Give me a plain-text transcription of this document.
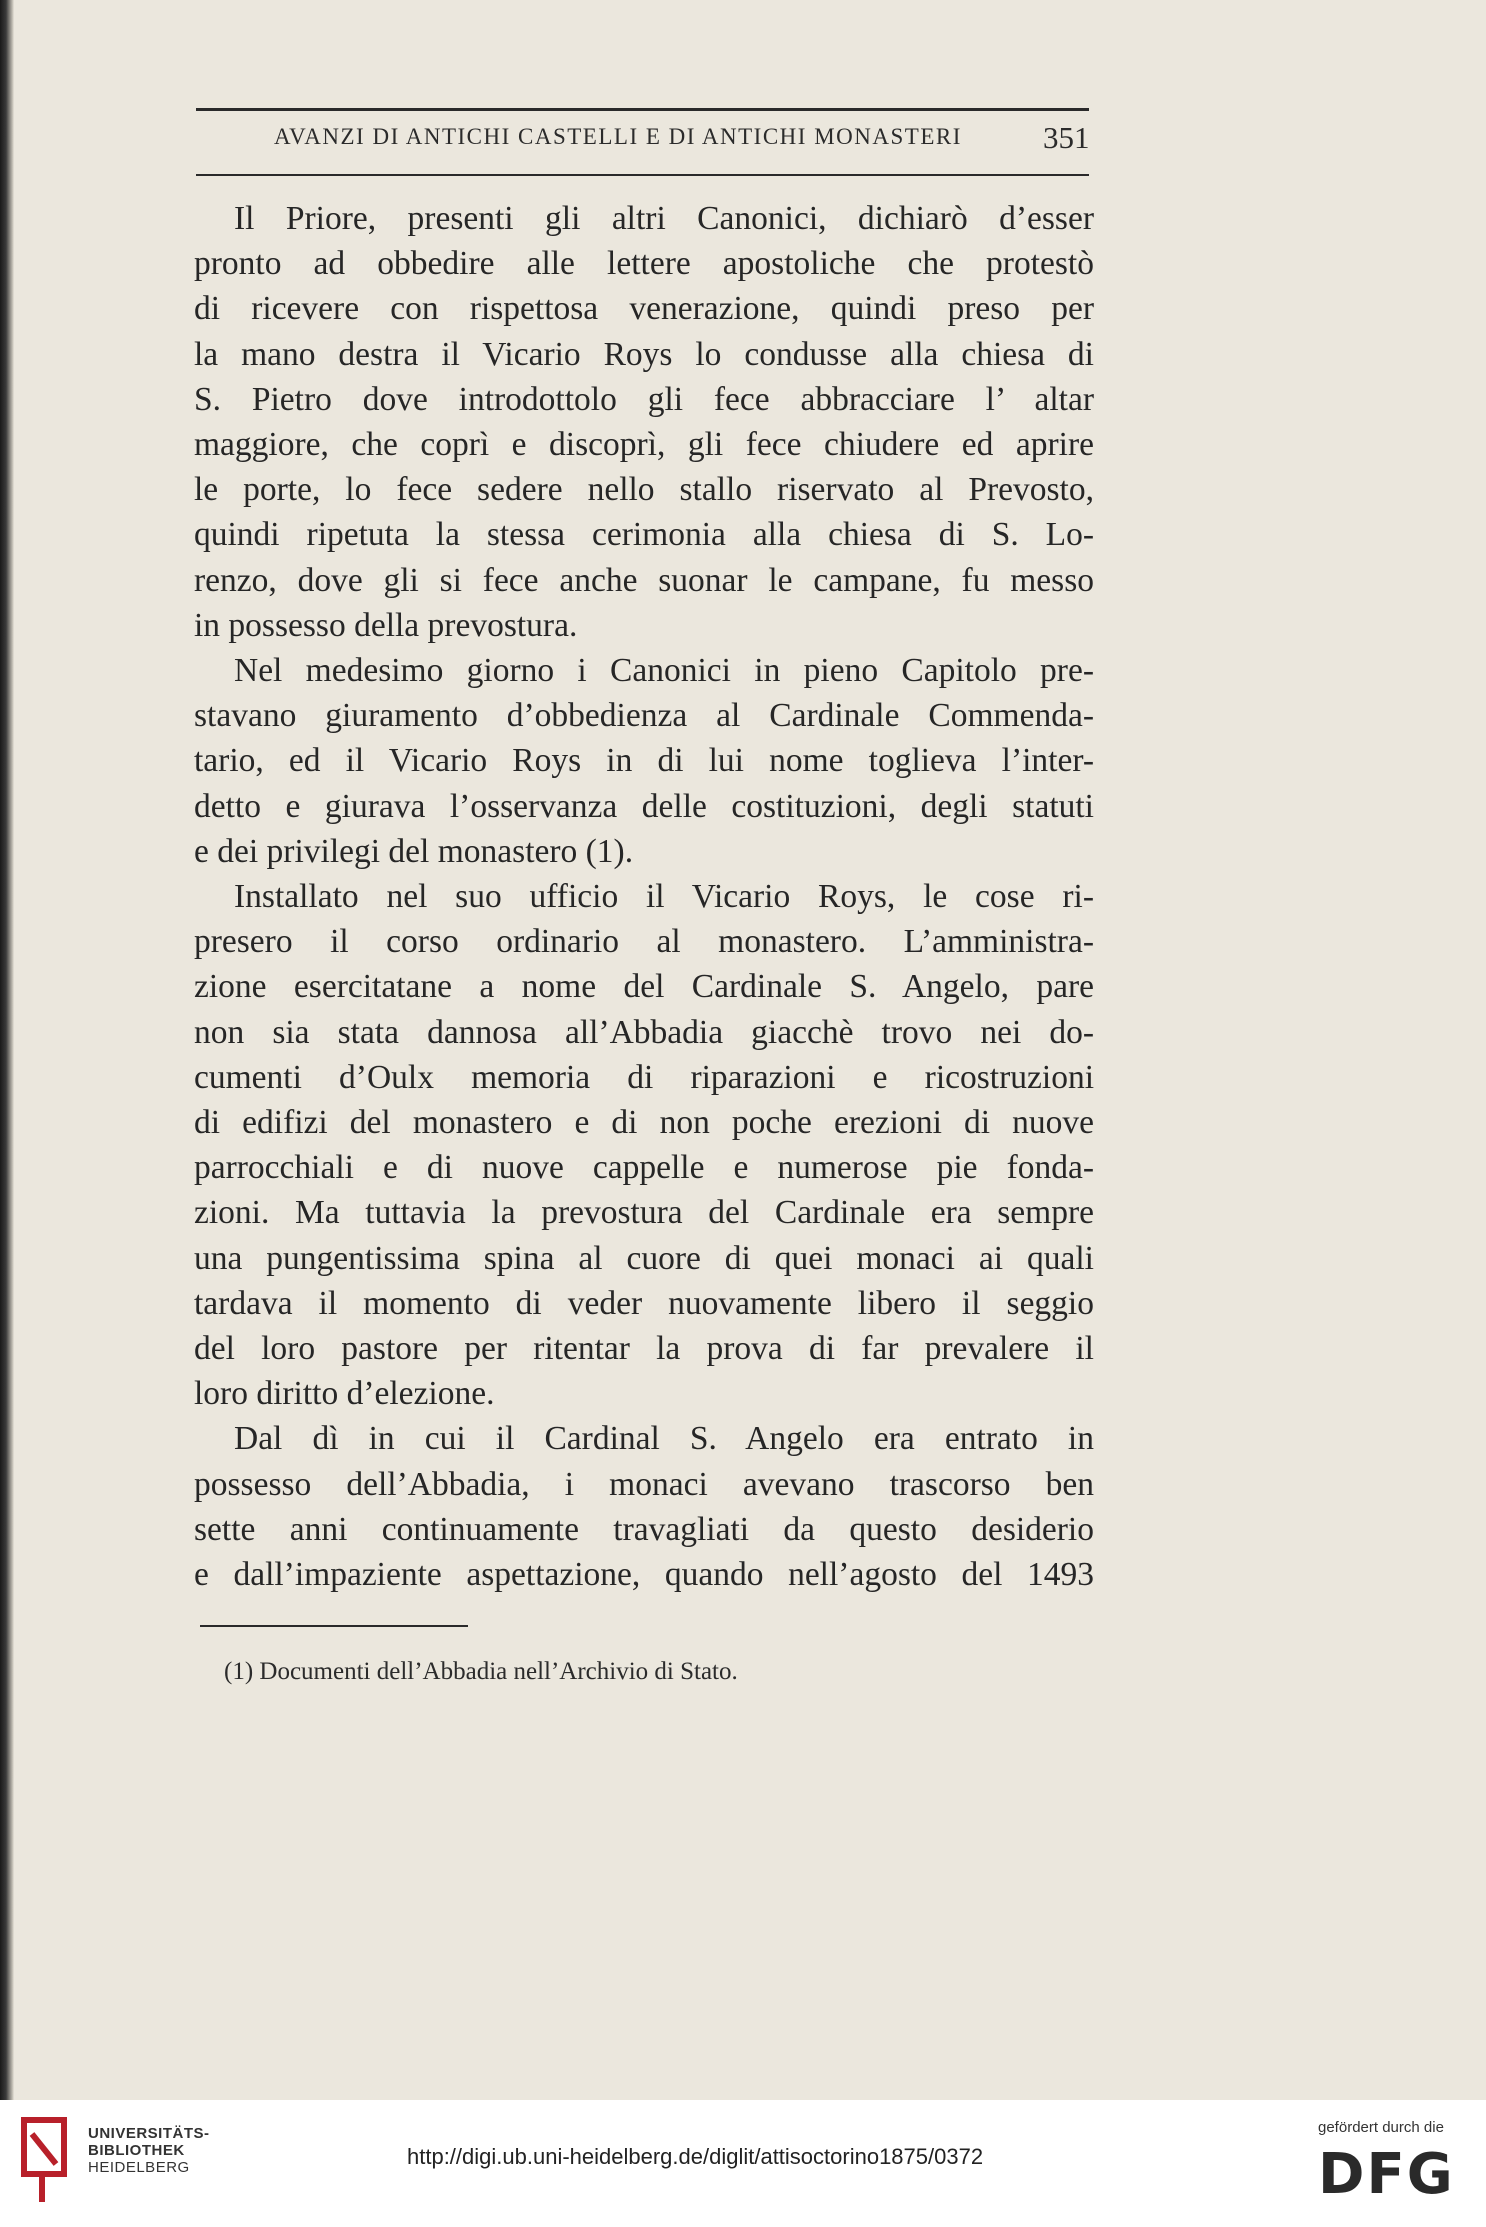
AVANZI DI ANTICHI CASTELLI E DI ANTICHI MONASTERI	351
Il Priore, presenti gli altri Canonici, dichiarò d’esser
pronto ad obbedire alle lettere apostoliche che protestò
di ricevere con rispettosa venerazione, quindi preso per
la mano destra il Vicario Roys lo condusse alla chiesa di
S. Pietro dove introdottolo gli fece abbracciare l’ altar
maggiore, che coprì e discoprì, gli fece chiudere ed aprire
le porte, lo fece sedere nello stallo riservato al Prevosto,
quindi ripetuta la stessa cerimonia alla chiesa di S. Lo-
renzo, dove gli si fece anche suonar le campane, fu messo
in possesso della prevostura.
Nel medesimo giorno i Canonici in pieno Capitolo pre-
stavano giuramento d’obbedienza al Cardinale Commenda-
tario, ed il Vicario Roys in di lui nome toglieva l’inter-
detto e giurava l’osservanza delle costituzioni, degli statuti
e dei privilegi del monastero (1).
Installato nel suo ufficio il Vicario Roys, le cose ri-
presero il corso ordinario al monastero. L’amministra-
zione esercitatane a nome del Cardinale S. Angelo, pare
non sia stata dannosa all’Abbadia giacchè trovo nei do-
cumenti d’Oulx memoria di riparazioni e ricostruzioni
di edifizi del monastero e di non poche erezioni di nuove
parrocchiali e di nuove cappelle e numerose pie fonda-
zioni. Ma tuttavia la prevostura del Cardinale era sempre
una pungentissima spina al cuore di quei monaci ai quali
tardava il momento di veder nuovamente libero il seggio
del loro pastore per ritentar la prova di far prevalere il
loro diritto d’elezione.
Dal dì in cui il Cardinal S. Angelo era entrato in
possesso dell’Abbadia, i monaci avevano trascorso ben
sette anni continuamente travagliati da questo desiderio
e dall’impaziente aspettazione, quando nell’agosto del 1493
(1) Documenti dell’Abbadia nell’Archivio di Stato.
UNIVERSITÄTS-
BIBLIOTHEK
HEIDELBERG	http://digi.ub.uni-heidelberg.de/diglit/attisoctorino1875/0372
gefördert durch die
DFG
